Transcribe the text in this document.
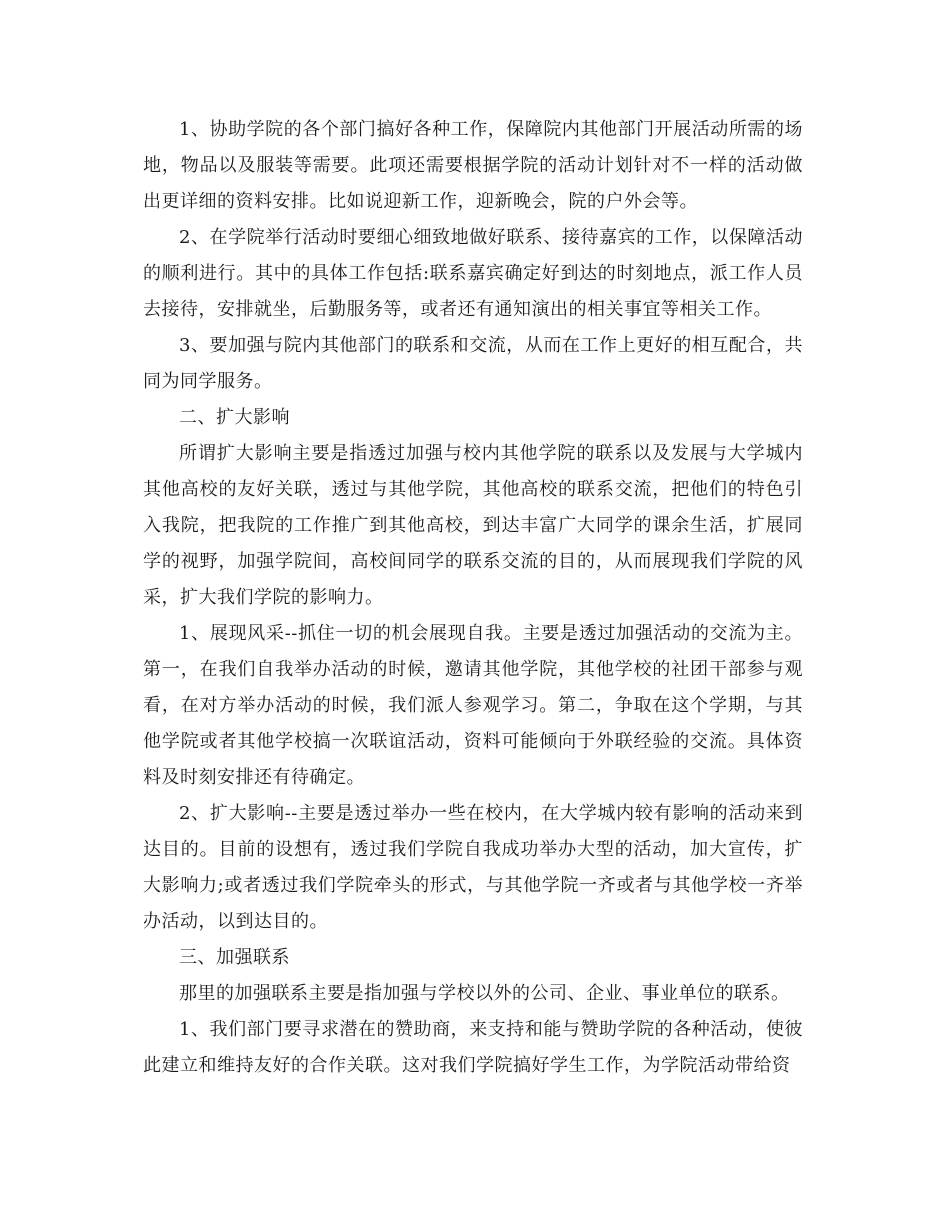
1、协助学院的各个部门搞好各种工作，保障院内其他部门开展活动所需的场地，物品以及服装等需要。此项还需要根据学院的活动计划针对不一样的活动做出更详细的资料安排。比如说迎新工作，迎新晚会，院的户外会等。

2、在学院举行活动时要细心细致地做好联系、接待嘉宾的工作，以保障活动的顺利进行。其中的具体工作包括:联系嘉宾确定好到达的时刻地点，派工作人员去接待，安排就坐，后勤服务等，或者还有通知演出的相关事宜等相关工作。

3、要加强与院内其他部门的联系和交流，从而在工作上更好的相互配合，共同为同学服务。

二、扩大影响

所谓扩大影响主要是指透过加强与校内其他学院的联系以及发展与大学城内其他高校的友好关联，透过与其他学院，其他高校的联系交流，把他们的特色引入我院，把我院的工作推广到其他高校，到达丰富广大同学的课余生活，扩展同学的视野，加强学院间，高校间同学的联系交流的目的，从而展现我们学院的风采，扩大我们学院的影响力。

1、展现风采--抓住一切的机会展现自我。主要是透过加强活动的交流为主。第一，在我们自我举办活动的时候，邀请其他学院，其他学校的社团干部参与观看，在对方举办活动的时候，我们派人参观学习。第二，争取在这个学期，与其他学院或者其他学校搞一次联谊活动，资料可能倾向于外联经验的交流。具体资料及时刻安排还有待确定。

2、扩大影响--主要是透过举办一些在校内，在大学城内较有影响的活动来到达目的。目前的设想有，透过我们学院自我成功举办大型的活动，加大宣传，扩大影响力;或者透过我们学院牵头的形式，与其他学院一齐或者与其他学校一齐举办活动，以到达目的。

三、加强联系

那里的加强联系主要是指加强与学校以外的公司、企业、事业单位的联系。

1、我们部门要寻求潜在的赞助商，来支持和能与赞助学院的各种活动，使彼此建立和维持友好的合作关联。这对我们学院搞好学生工作，为学院活动带给资
